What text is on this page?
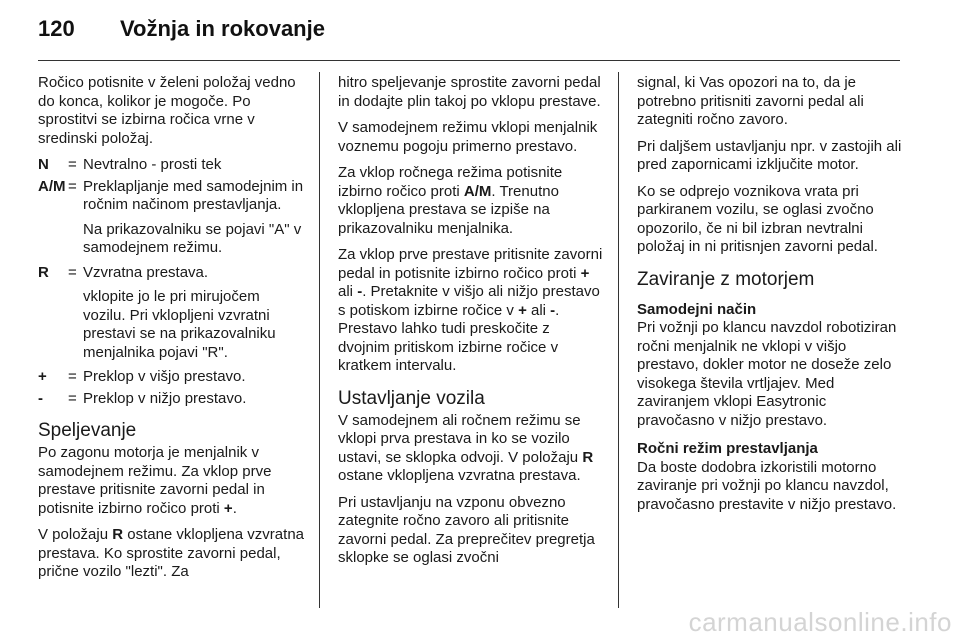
120 Vožnja in rokovanje

Ročico potisnite v želeni položaj vedno do konca, kolikor je mogoče. Po sprostitvi se izbirna ročica vrne v sredinski položaj.

N	= Nevtralno - prosti tek
A/M = Preklapljanje med samodejnim in ročnim načinom prestavljanja.
Na prikazovalniku se pojavi "A" v samodejnem režimu.
R	= Vzvratna prestava.
vklopite jo le pri mirujočem vozilu. Pri vklopljeni vzvratni prestavi se na prikazovalniku menjalnika pojavi "R".
+	= Preklop v višjo prestavo.
-	= Preklop v nižjo prestavo.
Speljevanje

Po zagonu motorja je menjalnik v samodejnem režimu. Za vklop prve prestave pritisnite zavorni pedal in potisnite izbirno ročico proti +.

V položaju R ostane vklopljena vzvratna prestava. Ko sprostite zavorni pedal, prične vozilo "lezti". Za

hitro speljevanje sprostite zavorni pedal in dodajte plin takoj po vklopu prestave.

V samodejnem režimu vklopi menjalnik voznemu pogoju primerno prestavo.

Za vklop ročnega režima potisnite izbirno ročico proti A/M. Trenutno vklopljena prestava se izpiše na prikazovalniku menjalnika.

Za vklop prve prestave pritisnite zavorni pedal in potisnite izbirno ročico proti + ali -. Pretaknite v višjo ali nižjo prestavo s potiskom izbirne ročice v + ali -. Prestavo lahko tudi preskočite z dvojnim pritiskom izbirne ročice v kratkem intervalu.

Ustavljanje vozila

V samodejnem ali ročnem režimu se vklopi prva prestava in ko se vozilo ustavi, se sklopka odvoji. V položaju R ostane vklopljena vzvratna prestava.

Pri ustavljanju na vzponu obvezno zategnite ročno zavoro ali pritisnite zavorni pedal. Za preprečitev pregretja sklopke se oglasi zvočni

signal, ki Vas opozori na to, da je potrebno pritisniti zavorni pedal ali zategniti ročno zavoro.

Pri daljšem ustavljanju npr. v zastojih ali pred zapornicami izključite motor.

Ko se odprejo voznikova vrata pri parkiranem vozilu, se oglasi zvočno opozorilo, če ni bil izbran nevtralni položaj in ni pritisnjen zavorni pedal.

Zaviranje z motorjem
Samodejni način

Pri vožnji po klancu navzdol robotiziran ročni menjalnik ne vklopi v višjo prestavo, dokler motor ne doseže zelo visokega števila vrtljajev. Med zaviranjem vklopi Easytronic pravočasno v nižjo prestavo.

Ročni režim prestavljanja

Da boste dodobra izkoristili motorno zaviranje pri vožnji po klancu navzdol, pravočasno prestavite v nižjo prestavo.

carmanualsonline.info
